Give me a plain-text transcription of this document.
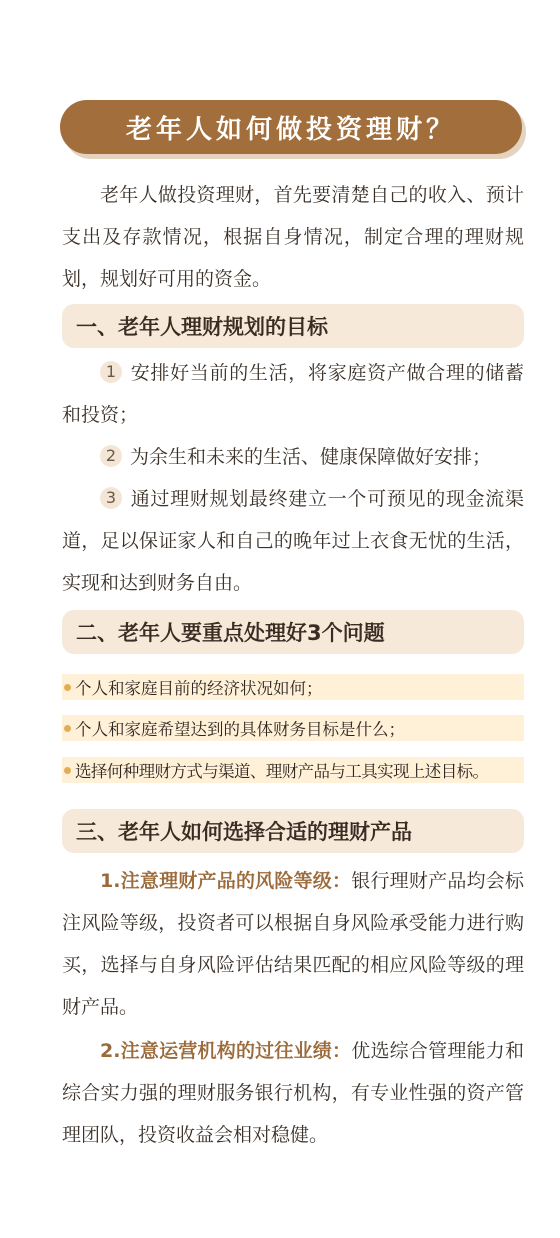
老年人如何做投资理财？

老年人做投资理财，首先要清楚自己的收入、预计支出及存款情况，根据自身情况，制定合理的理财规划，规划好可用的资金。

一、老年人理财规划的目标

1 安排好当前的生活，将家庭资产做合理的储蓄和投资；

2 为余生和未来的生活、健康保障做好安排；

3 通过理财规划最终建立一个可预见的现金流渠道，足以保证家人和自己的晚年过上衣食无忧的生活，实现和达到财务自由。

二、老年人要重点处理好3个问题
个人和家庭目前的经济状况如何；
个人和家庭希望达到的具体财务目标是什么；
选择何种理财方式与渠道、理财产品与工具实现上述目标。
三、老年人如何选择合适的理财产品

1.注意理财产品的风险等级：银行理财产品均会标注风险等级，投资者可以根据自身风险承受能力进行购买，选择与自身风险评估结果匹配的相应风险等级的理财产品。

2.注意运营机构的过往业绩：优选综合管理能力和综合实力强的理财服务银行机构，有专业性强的资产管理团队，投资收益会相对稳健。
